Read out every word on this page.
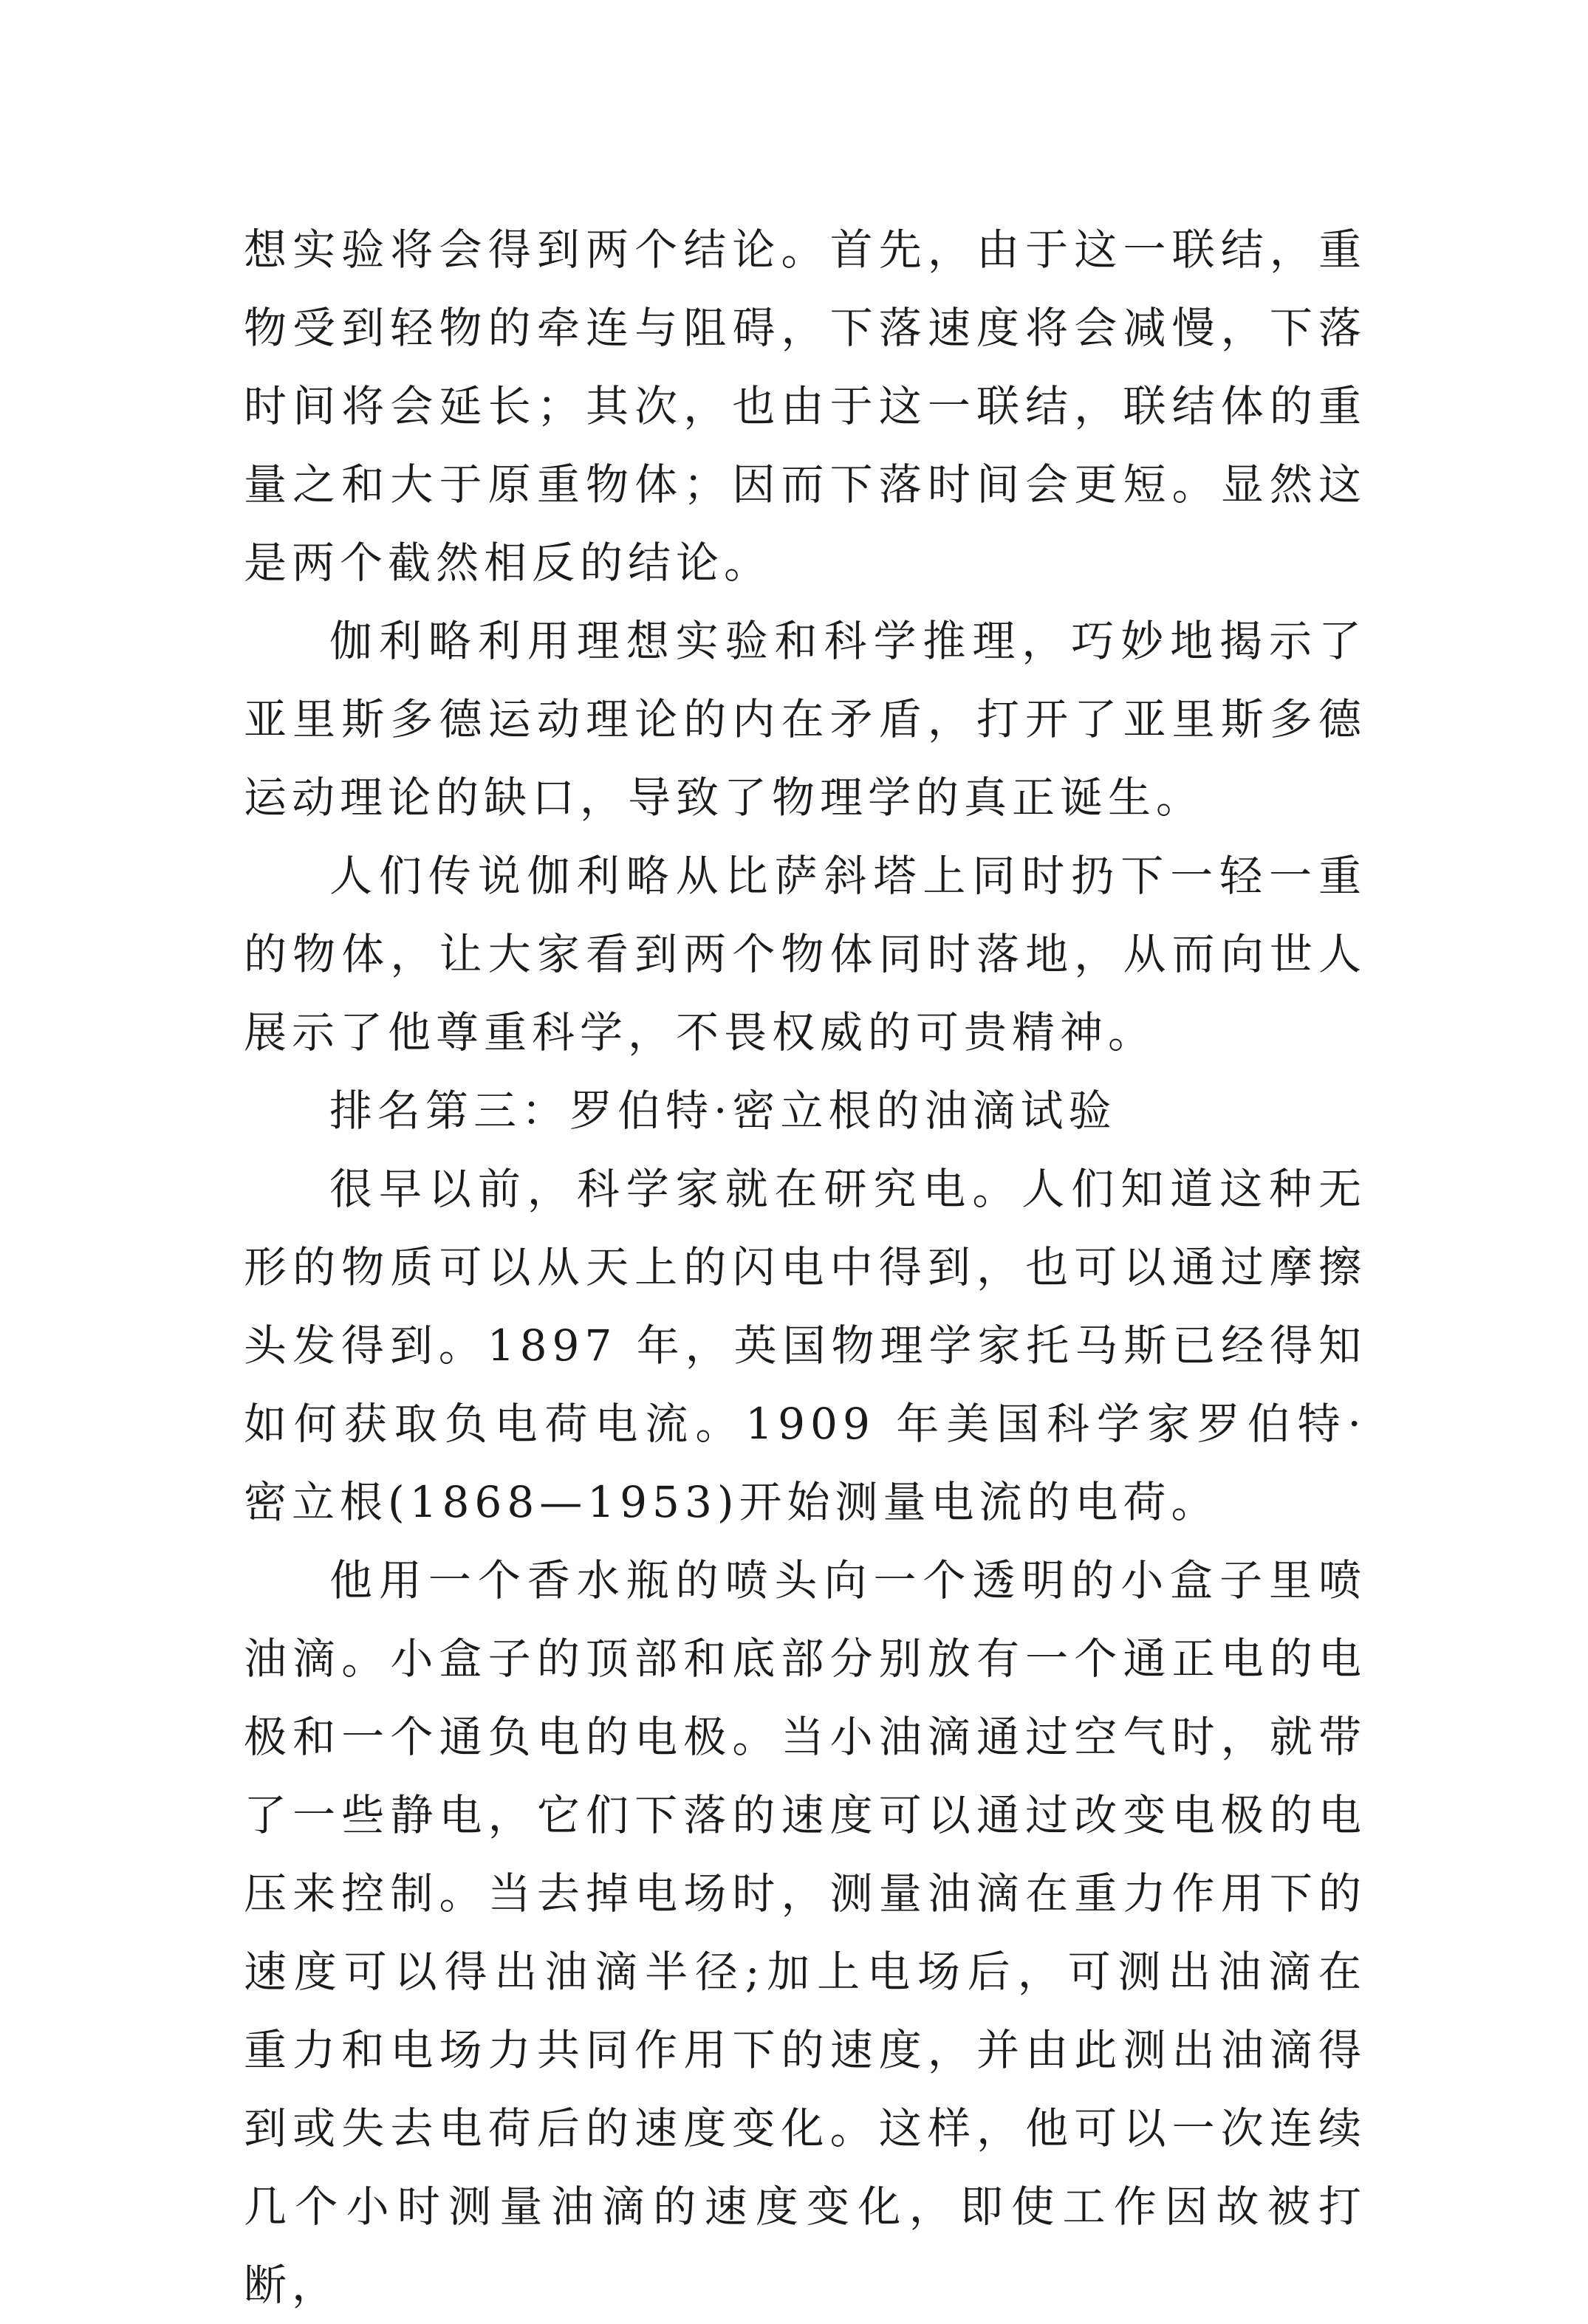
想实验将会得到两个结论。首先，由于这一联结，重物受到轻物的牵连与阻碍，下落速度将会减慢，下落时间将会延长；其次，也由于这一联结，联结体的重量之和大于原重物体；因而下落时间会更短。显然这是两个截然相反的结论。

伽利略利用理想实验和科学推理，巧妙地揭示了亚里斯多德运动理论的内在矛盾，打开了亚里斯多德运动理论的缺口，导致了物理学的真正诞生。

人们传说伽利略从比萨斜塔上同时扔下一轻一重的物体，让大家看到两个物体同时落地，从而向世人展示了他尊重科学，不畏权威的可贵精神。

排名第三：罗伯特·密立根的油滴试验

很早以前，科学家就在研究电。人们知道这种无形的物质可以从天上的闪电中得到，也可以通过摩擦头发得到。1897 年，英国物理学家托马斯已经得知如何获取负电荷电流。1909 年美国科学家罗伯特·密立根(1868—1953)开始测量电流的电荷。

他用一个香水瓶的喷头向一个透明的小盒子里喷油滴。小盒子的顶部和底部分别放有一个通正电的电极和一个通负电的电极。当小油滴通过空气时，就带了一些静电，它们下落的速度可以通过改变电极的电压来控制。当去掉电场时，测量油滴在重力作用下的速度可以得出油滴半径;加上电场后，可测出油滴在重力和电场力共同作用下的速度，并由此测出油滴得到或失去电荷后的速度变化。这样，他可以一次连续几个小时测量油滴的速度变化，即使工作因故被打断，
